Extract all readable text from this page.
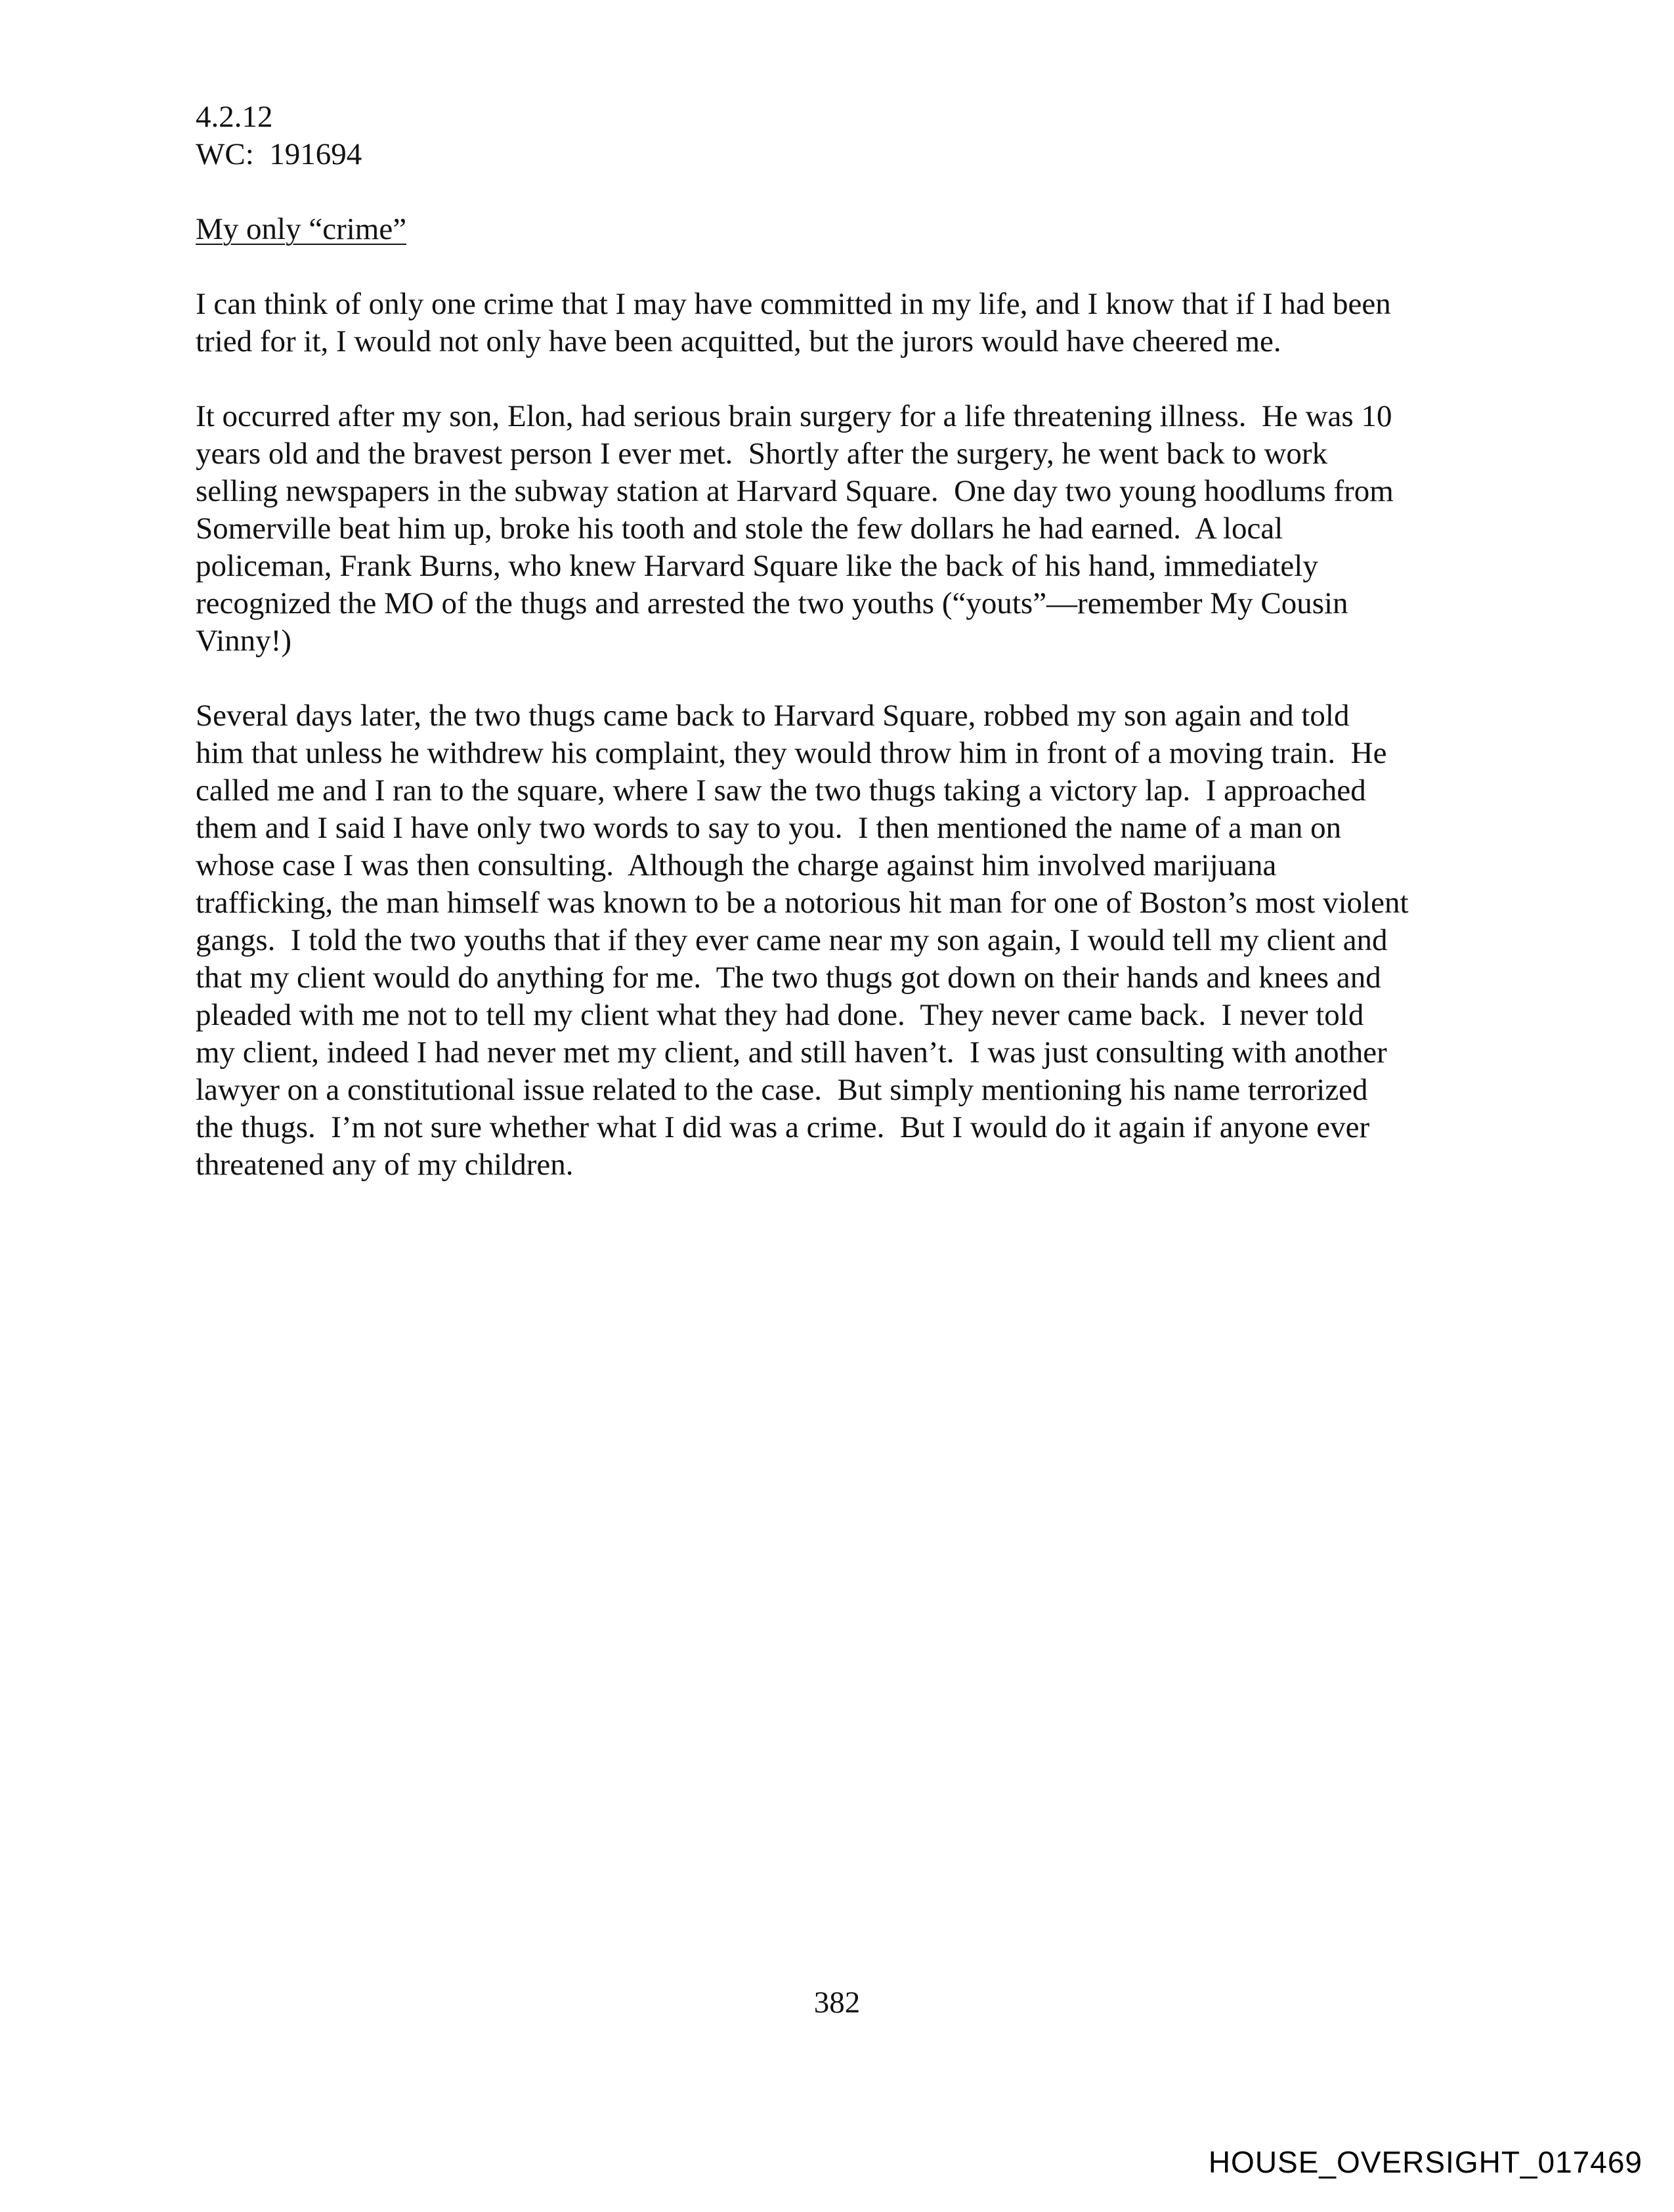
4.2.12
WC:  191694
My only “crime”
I can think of only one crime that I may have committed in my life, and I know that if I had been
tried for it, I would not only have been acquitted, but the jurors would have cheered me.
It occurred after my son, Elon, had serious brain surgery for a life threatening illness.  He was 10
years old and the bravest person I ever met.  Shortly after the surgery, he went back to work
selling newspapers in the subway station at Harvard Square.  One day two young hoodlums from
Somerville beat him up, broke his tooth and stole the few dollars he had earned.  A local
policeman, Frank Burns, who knew Harvard Square like the back of his hand, immediately
recognized the MO of the thugs and arrested the two youths (“youts”—remember My Cousin
Vinny!)
Several days later, the two thugs came back to Harvard Square, robbed my son again and told
him that unless he withdrew his complaint, they would throw him in front of a moving train.  He
called me and I ran to the square, where I saw the two thugs taking a victory lap.  I approached
them and I said I have only two words to say to you.  I then mentioned the name of a man on
whose case I was then consulting.  Although the charge against him involved marijuana
trafficking, the man himself was known to be a notorious hit man for one of Boston’s most violent
gangs.  I told the two youths that if they ever came near my son again, I would tell my client and
that my client would do anything for me.  The two thugs got down on their hands and knees and
pleaded with me not to tell my client what they had done.  They never came back.  I never told
my client, indeed I had never met my client, and still haven’t.  I was just consulting with another
lawyer on a constitutional issue related to the case.  But simply mentioning his name terrorized
the thugs.  I’m not sure whether what I did was a crime.  But I would do it again if anyone ever
threatened any of my children.
382
HOUSE_OVERSIGHT_017469
